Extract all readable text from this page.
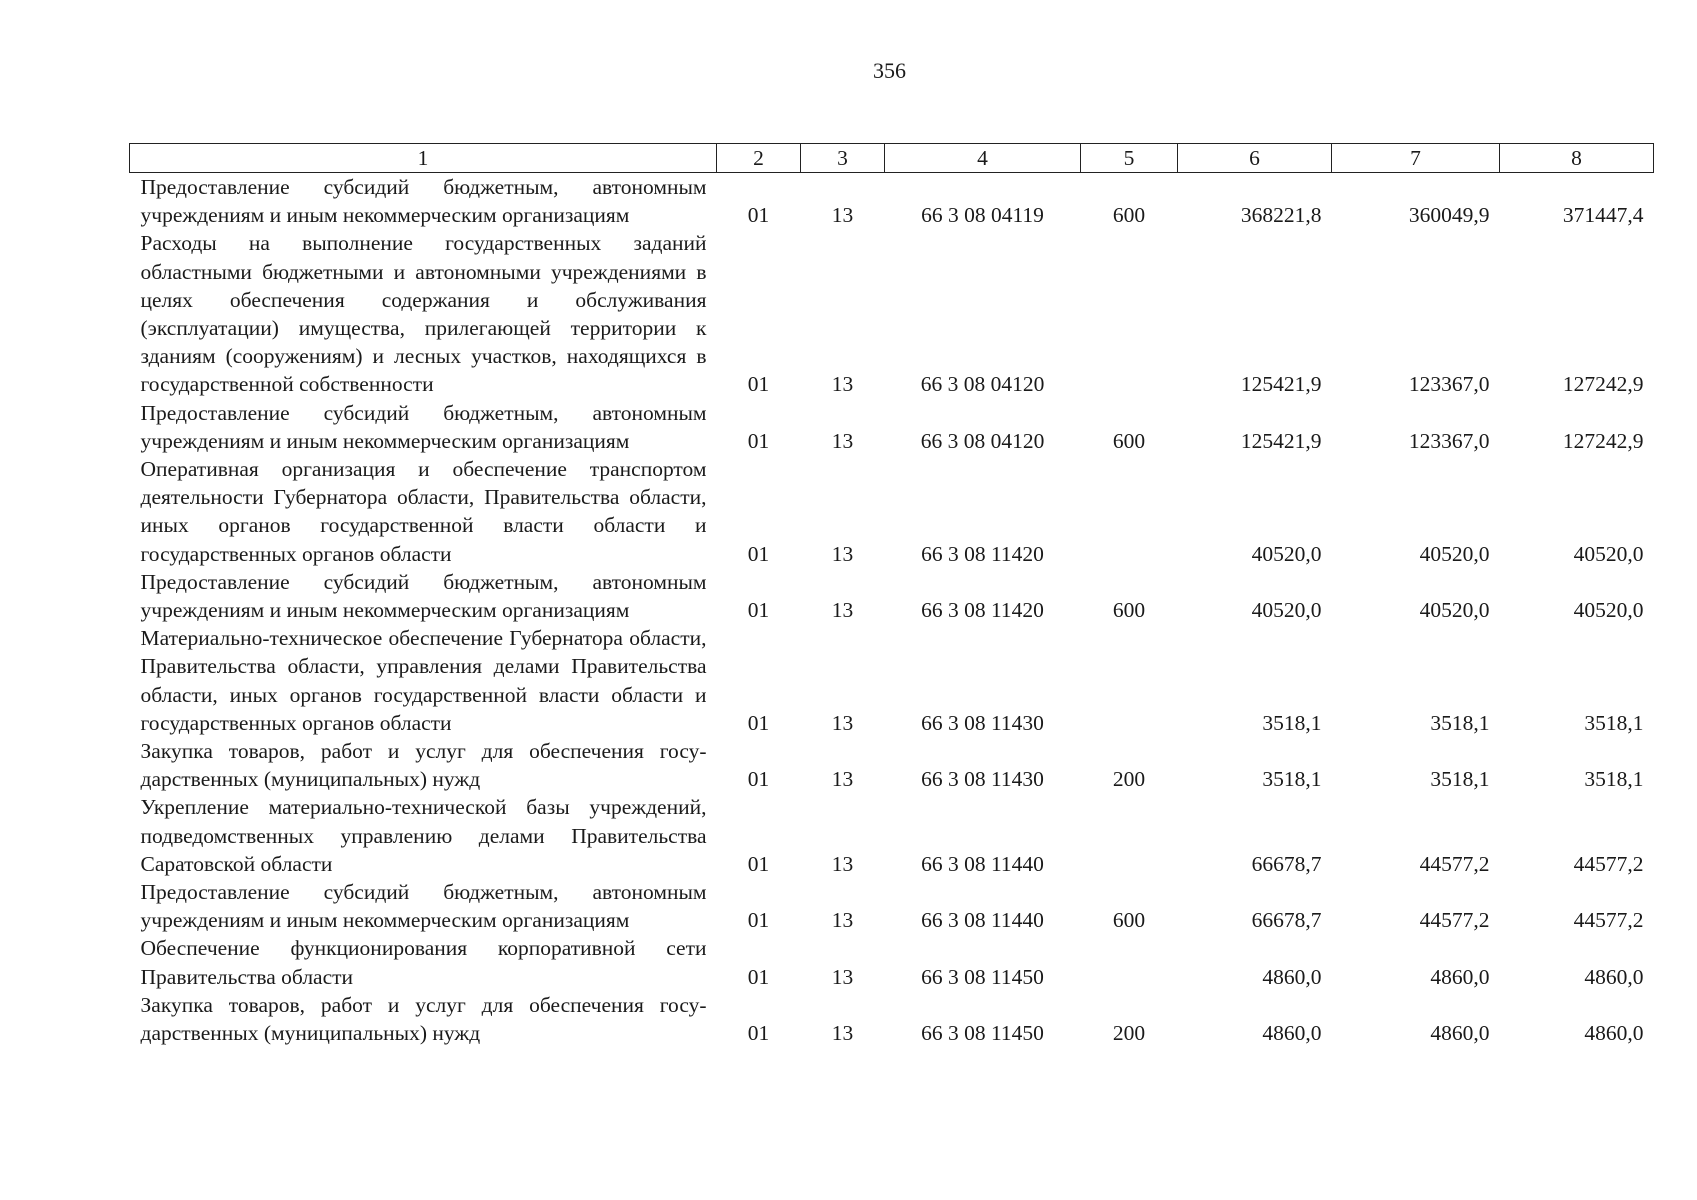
356
1	2	3	4	5	6	7	8
Предоставление субсидий бюджетным, автономным учреждениям и иным некоммерческим организациям	01	13	66 3 08 04119	600	368221,8	360049,9	371447,4
Расходы на выполнение государственных заданий областными бюджетными и автономными учреждениями в целях обеспечения содержания и обслуживания (эксплуатации) имущества, прилегающей территории к зданиям (сооружениям) и лесных участков, находящихся в государственной собственности	01	13	66 3 08 04120		125421,9	123367,0	127242,9
Предоставление субсидий бюджетным, автономным учреждениям и иным некоммерческим организациям	01	13	66 3 08 04120	600	125421,9	123367,0	127242,9
Оперативная организация и обеспечение транспортом деятельности Губернатора области, Правительства области, иных органов государственной власти области и государственных органов области	01	13	66 3 08 11420		40520,0	40520,0	40520,0
Предоставление субсидий бюджетным, автономным учреждениям и иным некоммерческим организациям	01	13	66 3 08 11420	600	40520,0	40520,0	40520,0
Материально-техническое обеспечение Губернатора области, Правительства области, управления делами Правительства области, иных органов государственной власти области и государственных органов области	01	13	66 3 08 11430		3518,1	3518,1	3518,1
Закупка товаров, работ и услуг для обеспечения государственных (муниципальных) нужд	01	13	66 3 08 11430	200	3518,1	3518,1	3518,1
Укрепление материально-технической базы учреждений, подведомственных управлению делами Правительства Саратовской области	01	13	66 3 08 11440		66678,7	44577,2	44577,2
Предоставление субсидий бюджетным, автономным учреждениям и иным некоммерческим организациям	01	13	66 3 08 11440	600	66678,7	44577,2	44577,2
Обеспечение функционирования корпоративной сети Правительства области	01	13	66 3 08 11450		4860,0	4860,0	4860,0
Закупка товаров, работ и услуг для обеспечения государственных (муниципальных) нужд	01	13	66 3 08 11450	200	4860,0	4860,0	4860,0
